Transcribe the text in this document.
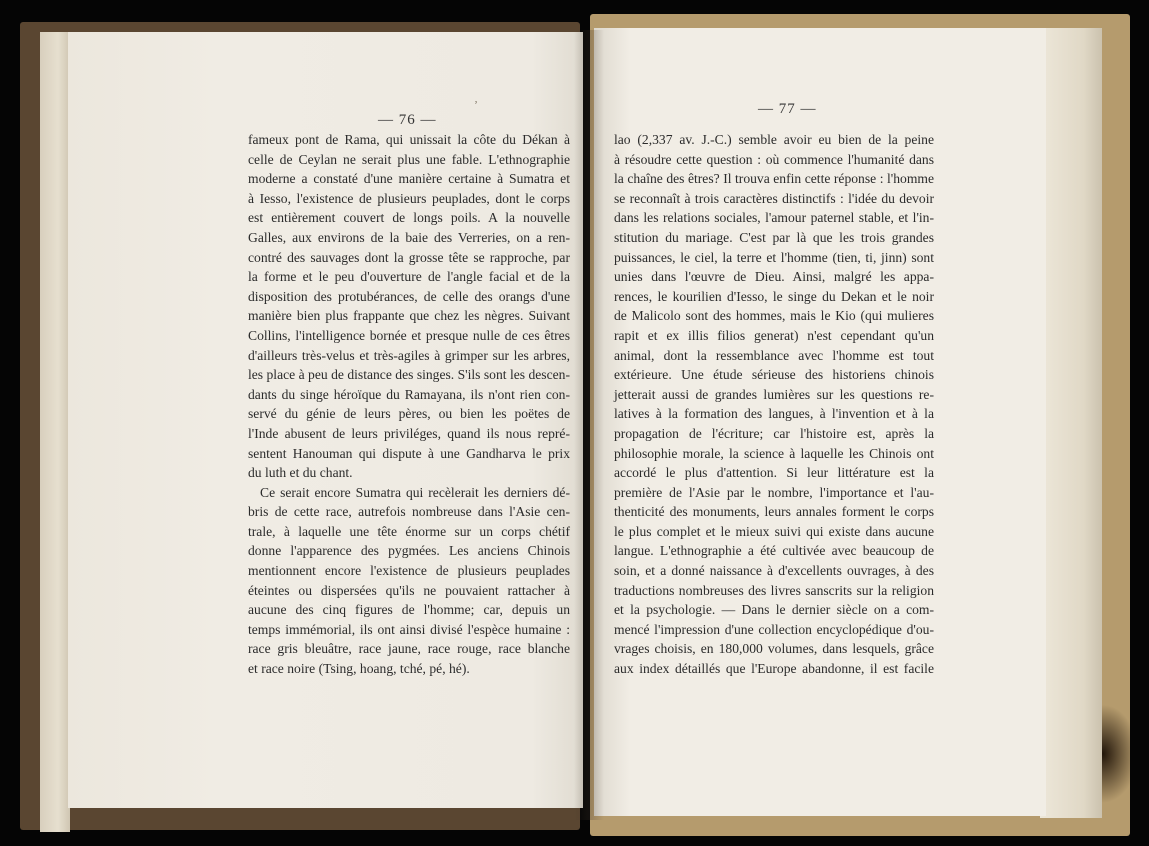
ʼ
— 76 —
— 77 —
fameux pont de Rama, qui unissait la côte du Dékan à
celle de Ceylan ne serait plus une fable. L'ethnographie
moderne a constaté d'une manière certaine à Sumatra et
à Iesso, l'existence de plusieurs peuplades, dont le corps
est entièrement couvert de longs poils. A la nouvelle
Galles, aux environs de la baie des Verreries, on a ren-
contré des sauvages dont la grosse tête se rapproche, par
la forme et le peu d'ouverture de l'angle facial et de la
disposition des protubérances, de celle des orangs d'une
manière bien plus frappante que chez les nègres. Suivant
Collins, l'intelligence bornée et presque nulle de ces êtres
d'ailleurs très-velus et très-agiles à grimper sur les arbres,
les place à peu de distance des singes. S'ils sont les descen-
dants du singe héroïque du Ramayana, ils n'ont rien con-
servé du génie de leurs pères, ou bien les poëtes de
l'Inde abusent de leurs priviléges, quand ils nous repré-
sentent Hanouman qui dispute à une Gandharva le prix
du luth et du chant.
Ce serait encore Sumatra qui recèlerait les derniers dé-
bris de cette race, autrefois nombreuse dans l'Asie cen-
trale, à laquelle une tête énorme sur un corps chétif
donne l'apparence des pygmées. Les anciens Chinois
mentionnent encore l'existence de plusieurs peuplades
éteintes ou dispersées qu'ils ne pouvaient rattacher à
aucune des cinq figures de l'homme; car, depuis un
temps immémorial, ils ont ainsi divisé l'espèce humaine :
race gris bleuâtre, race jaune, race rouge, race blanche
et race noire (Tsing, hoang, tché, pé, hé).
lao (2,337 av. J.-C.) semble avoir eu bien de la peine
à résoudre cette question : où commence l'humanité dans
la chaîne des êtres? Il trouva enfin cette réponse : l'homme
se reconnaît à trois caractères distinctifs : l'idée du devoir
dans les relations sociales, l'amour paternel stable, et l'in-
stitution du mariage. C'est par là que les trois grandes
puissances, le ciel, la terre et l'homme (tien, ti, jinn) sont
unies dans l'œuvre de Dieu. Ainsi, malgré les appa-
rences, le kourilien d'Iesso, le singe du Dekan et le noir
de Malicolo sont des hommes, mais le Kio (qui mulieres
rapit et ex illis filios generat) n'est cependant qu'un
animal, dont la ressemblance avec l'homme est tout
extérieure. Une étude sérieuse des historiens chinois
jetterait aussi de grandes lumières sur les questions re-
latives à la formation des langues, à l'invention et à la
propagation de l'écriture; car l'histoire est, après la
philosophie morale, la science à laquelle les Chinois ont
accordé le plus d'attention. Si leur littérature est la
première de l'Asie par le nombre, l'importance et l'au-
thenticité des monuments, leurs annales forment le corps
le plus complet et le mieux suivi qui existe dans aucune
langue. L'ethnographie a été cultivée avec beaucoup de
soin, et a donné naissance à d'excellents ouvrages, à des
traductions nombreuses des livres sanscrits sur la religion
et la psychologie. — Dans le dernier siècle on a com-
mencé l'impression d'une collection encyclopédique d'ou-
vrages choisis, en 180,000 volumes, dans lesquels, grâce
aux index détaillés que l'Europe abandonne, il est facile
